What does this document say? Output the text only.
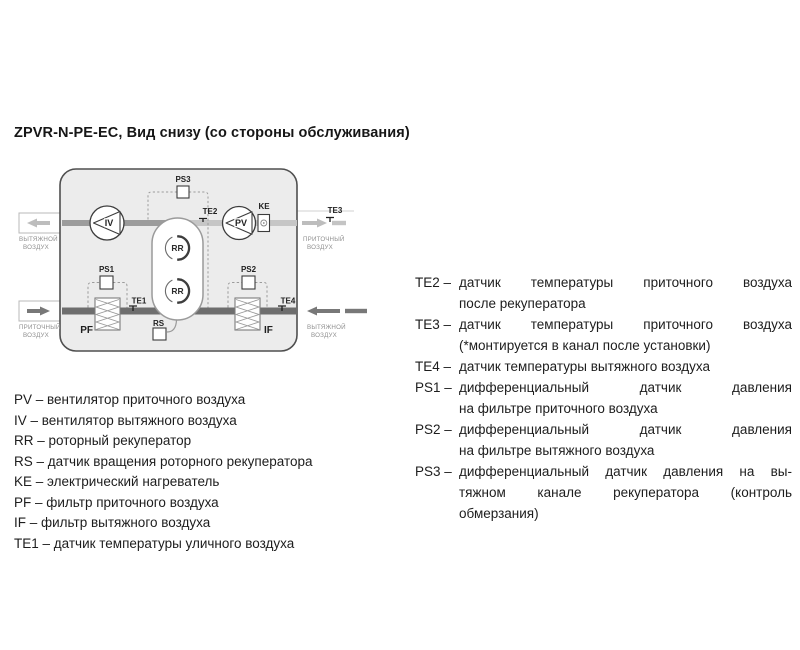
ZPVR-N-PE-EC, Вид снизу (со стороны обслуживания)
RR
RR
RS
PF	IF
IV	PV
KE
PS1	PS2
PS3
TE2	TE3
TE1	TE4
ВЫТЯЖНОЙ
ВОЗДУХ
ПРИТОЧНЫЙ
ВОЗДУХ
ПРИТОЧНЫЙ
ВОЗДУХ
ВЫТЯЖНОЙ
ВОЗДУХ
PV – вентилятор приточного воздуха
IV – вентилятор вытяжного воздуха
RR – роторный рекуператор
RS – датчик вращения роторного рекуператора
KE – электрический нагреватель
PF – фильтр приточного воздуха
IF – фильтр вытяжного воздуха
TE1 – датчик температуры уличного воздуха
TE2 – датчик температуры приточного воздуха
после рекуператора
TE3 – датчик температуры приточного воздуха
(*монтируется в канал после установки)
TE4 – датчик температуры вытяжного воздуха
PS1 – дифференциальный датчик давления
на фильтре приточного воздуха
PS2 – дифференциальный датчик давления
на фильтре вытяжного воздуха
PS3 – дифференциальный датчик давления на вы-
тяжном канале рекуператора (контроль
обмерзания)
